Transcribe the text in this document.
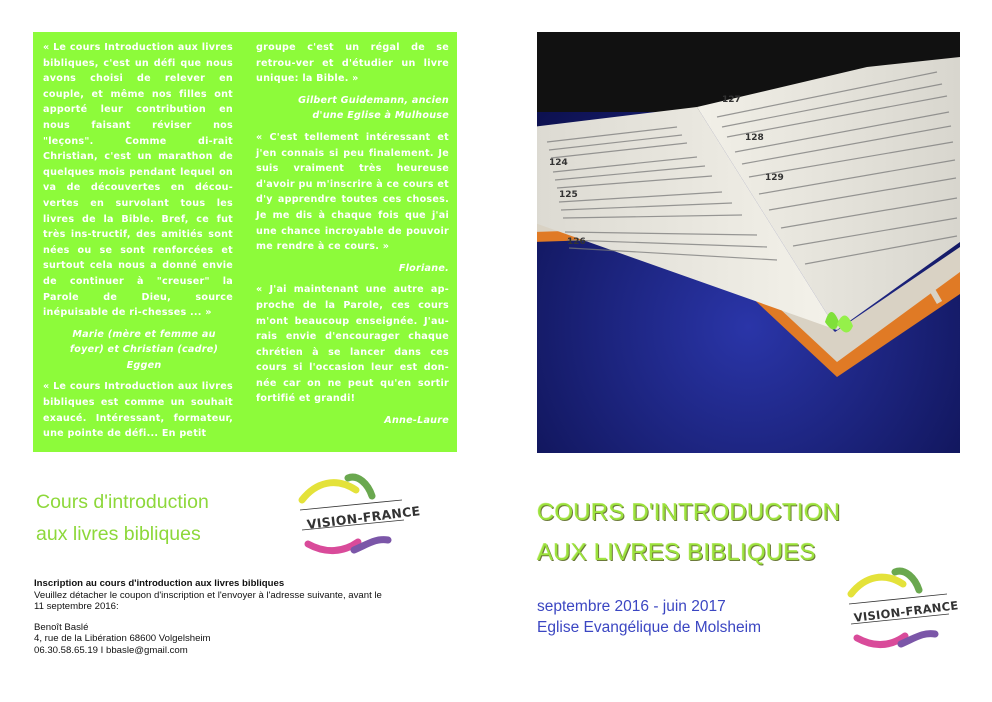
« Le cours Introduction aux livres bibliques, c'est un défi que nous avons choisi de relever en couple, et même nos filles ont apporté leur contribution en nous faisant réviser nos "leçons". Comme di-rait Christian, c'est un marathon de quelques mois pendant lequel on va de découvertes en décou-vertes en survolant tous les livres de la Bible. Bref, ce fut très ins-tructif, des amitiés sont nées ou se sont renforcées et surtout cela nous a donné envie de continuer à "creuser" la Parole de Dieu, source inépuisable de ri-chesses ... »

Marie (mère et femme au foyer) et Christian (cadre) Eggen

« Le cours Introduction aux livres bibliques est comme un souhait exaucé. Intéressant, formateur, une pointe de défi... En petit

groupe c'est un régal de se retrou-ver et d'étudier un livre unique: la Bible. »

Gilbert Guidemann, ancien d'une Eglise à Mulhouse

« C'est tellement intéressant et j'en connais si peu finalement. Je suis vraiment très heureuse d'avoir pu m'inscrire à ce cours et d'y apprendre toutes ces choses. Je me dis à chaque fois que j'ai une chance incroyable de pouvoir me rendre à ce cours. »

Floriane.

« J'ai maintenant une autre ap-proche de la Parole, ces cours m'ont beaucoup enseignée. J'au-rais envie d'encourager chaque chrétien à se lancer dans ces cours si l'occasion leur est don-née car on ne peut qu'en sortir fortifié et grandi!

Anne-Laure

124
125
126
127
128
129
Cours d'introduction
aux livres bibliques
VISION-FRANCE
Inscription au cours d'introduction aux livres bibliques
Veuillez détacher le coupon d'inscription et l'envoyer à l'adresse suivante, avant le
11 septembre 2016:
Benoît Baslé
4, rue de la Libération 68600 Volgelsheim
06.30.58.65.19 I bbasle@gmail.com
COURS D'INTRODUCTION
AUX LIVRES BIBLIQUES
septembre 2016 - juin 2017
Eglise Evangélique de Molsheim
VISION-FRANCE
